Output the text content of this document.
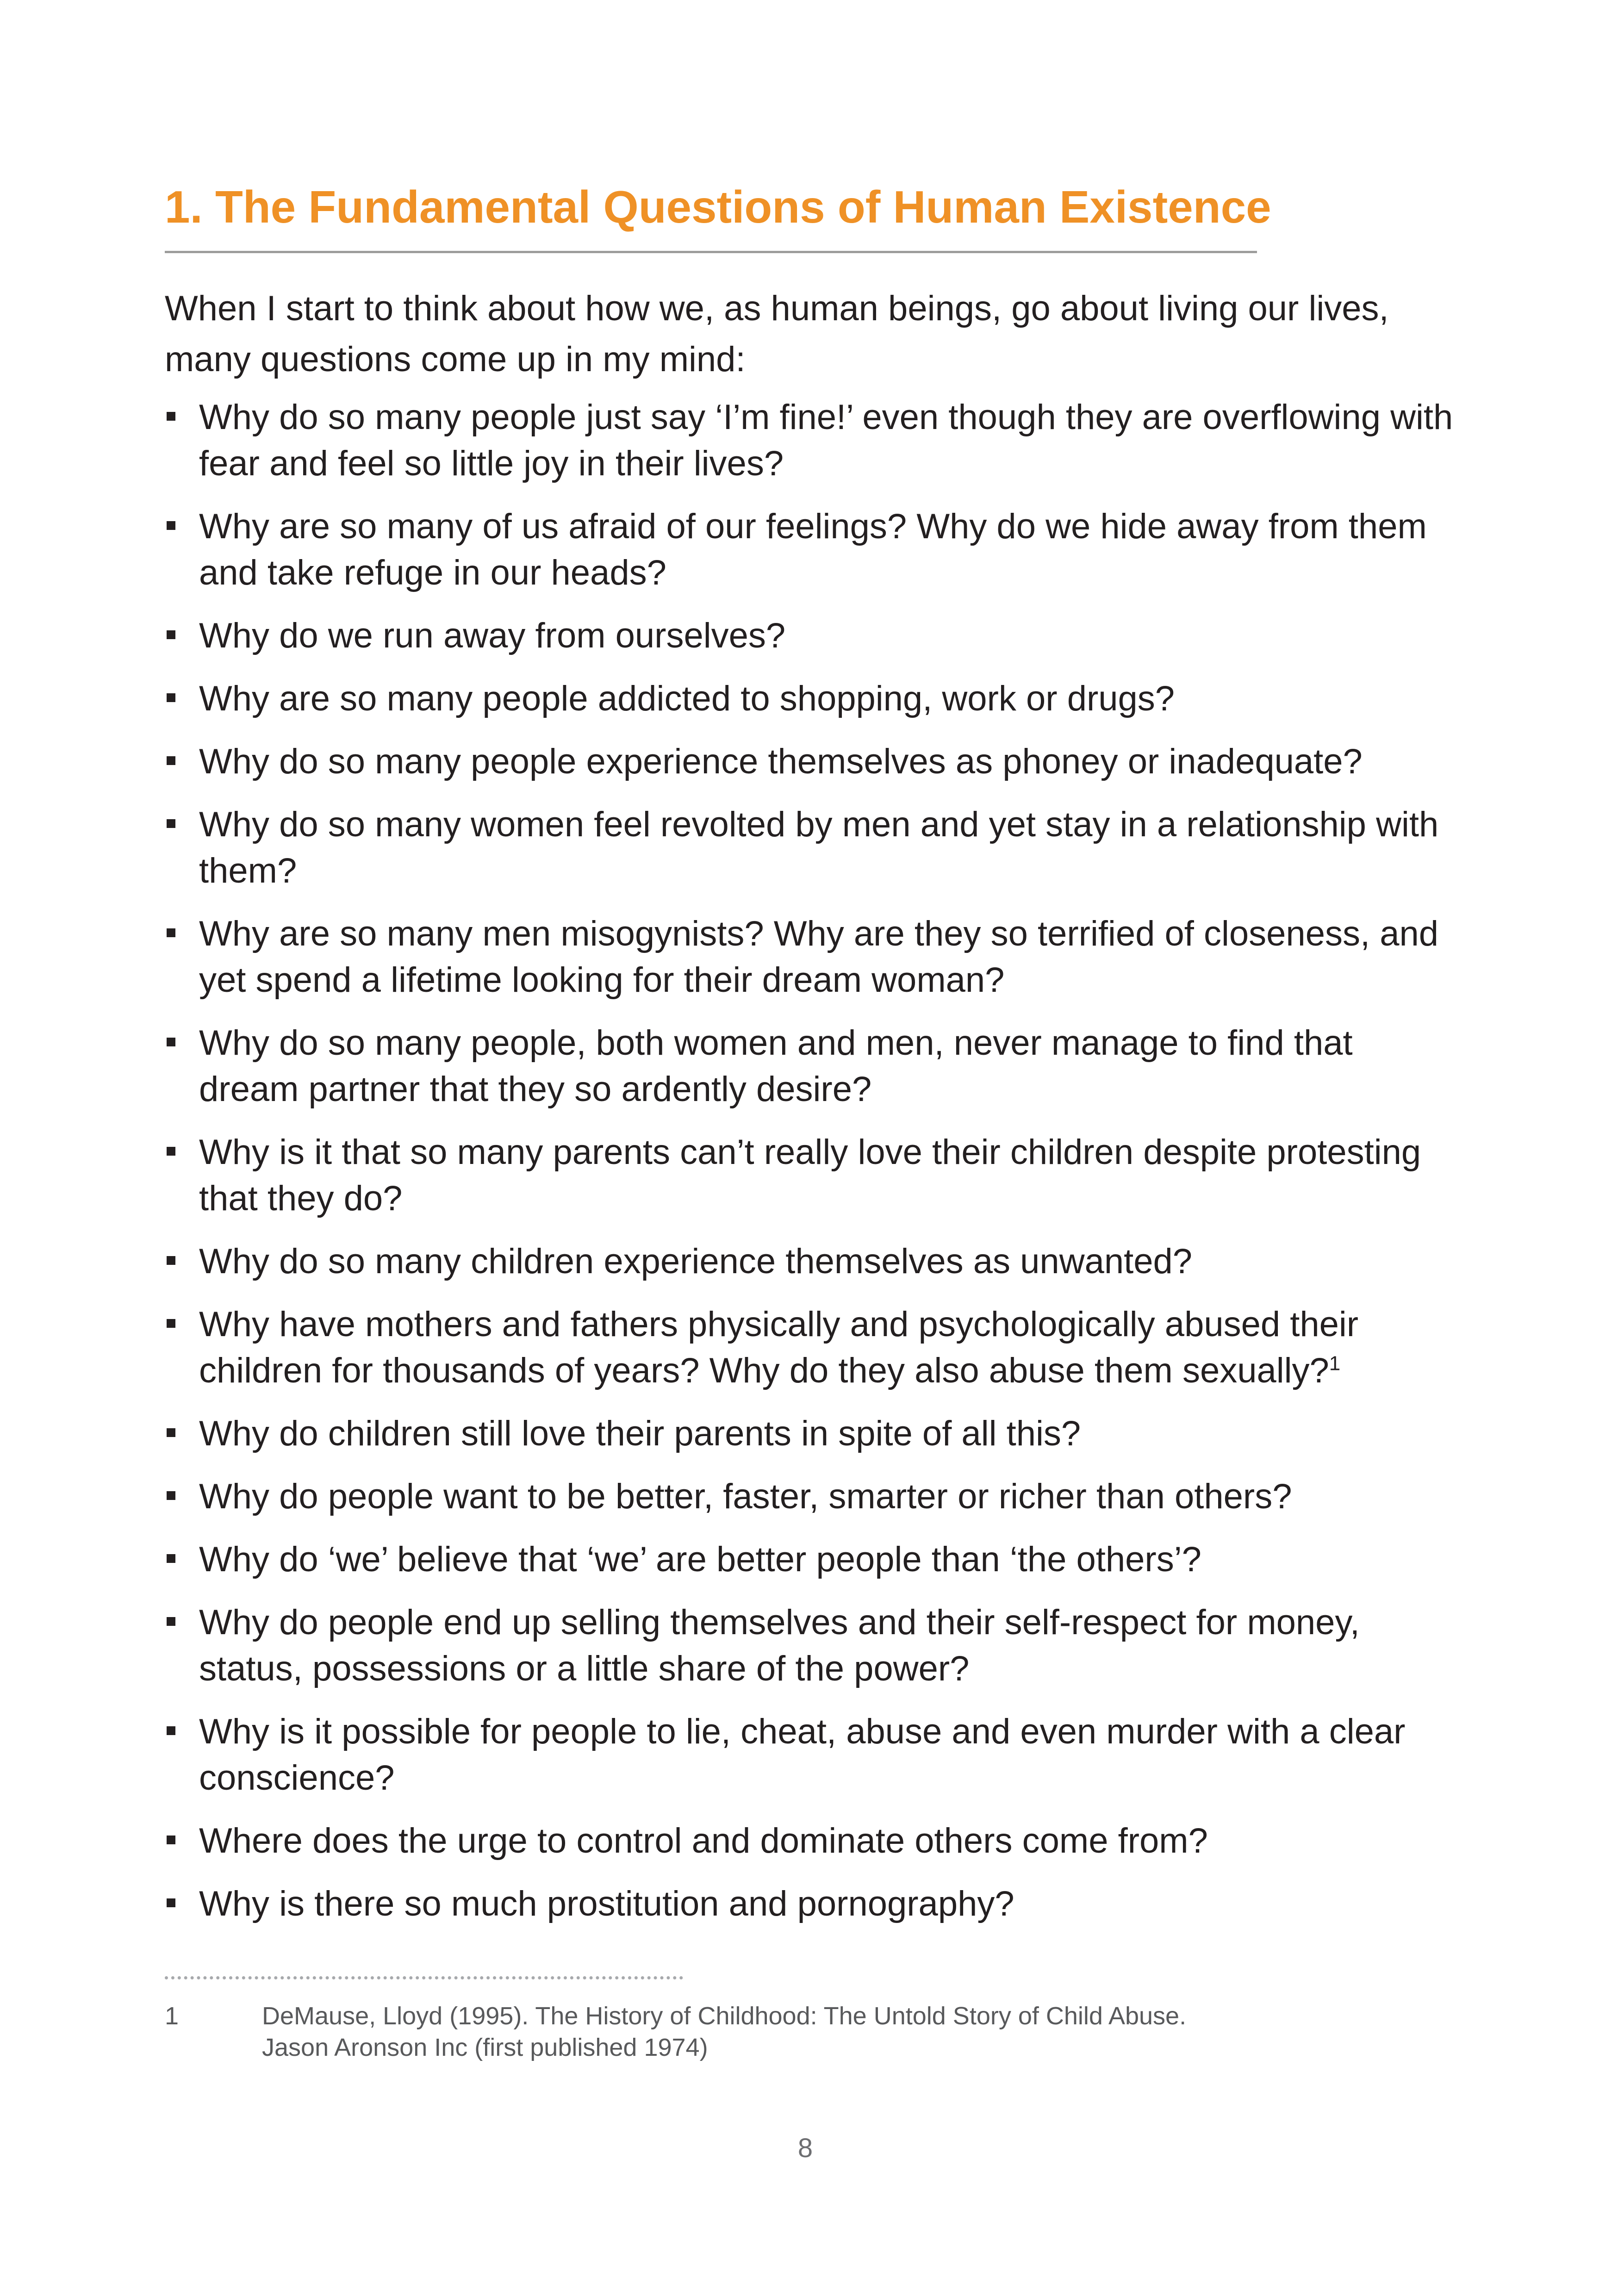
1. The Fundamental Questions of Human Existence

When I start to think about how we, as human beings, go about living our lives, many questions come up in my mind:

Why do so many people just say ‘I’m fine!’ even though they are overflowing with fear and feel so little joy in their lives?
Why are so many of us afraid of our feelings? Why do we hide away from them and take refuge in our heads?
Why do we run away from ourselves?
Why are so many people addicted to shopping, work or drugs?
Why do so many people experience themselves as phoney or inadequate?
Why do so many women feel revolted by men and yet stay in a relationship with them?
Why are so many men misogynists? Why are they so terrified of closeness, and yet spend a lifetime looking for their dream woman?
Why do so many people, both women and men, never manage to find that dream partner that they so ardently desire?
Why is it that so many parents can’t really love their children despite protesting that they do?
Why do so many children experience themselves as unwanted?
Why have mothers and fathers physically and psychologically abused their children for thousands of years? Why do they also abuse them sexually?$^1$
Why do children still love their parents in spite of all this?
Why do people want to be better, faster, smarter or richer than others?
Why do ‘we’ believe that ‘we’ are better people than ‘the others’?
Why do people end up selling themselves and their self-respect for money, status, possessions or a little share of the power?
Why is it possible for people to lie, cheat, abuse and even murder with a clear conscience?
Where does the urge to control and dominate others come from?
Why is there so much prostitution and pornography?
1	DeMause, Lloyd (1995). The History of Childhood: The Untold Story of Child Abuse.
Jason Aronson Inc (first published 1974)
8
